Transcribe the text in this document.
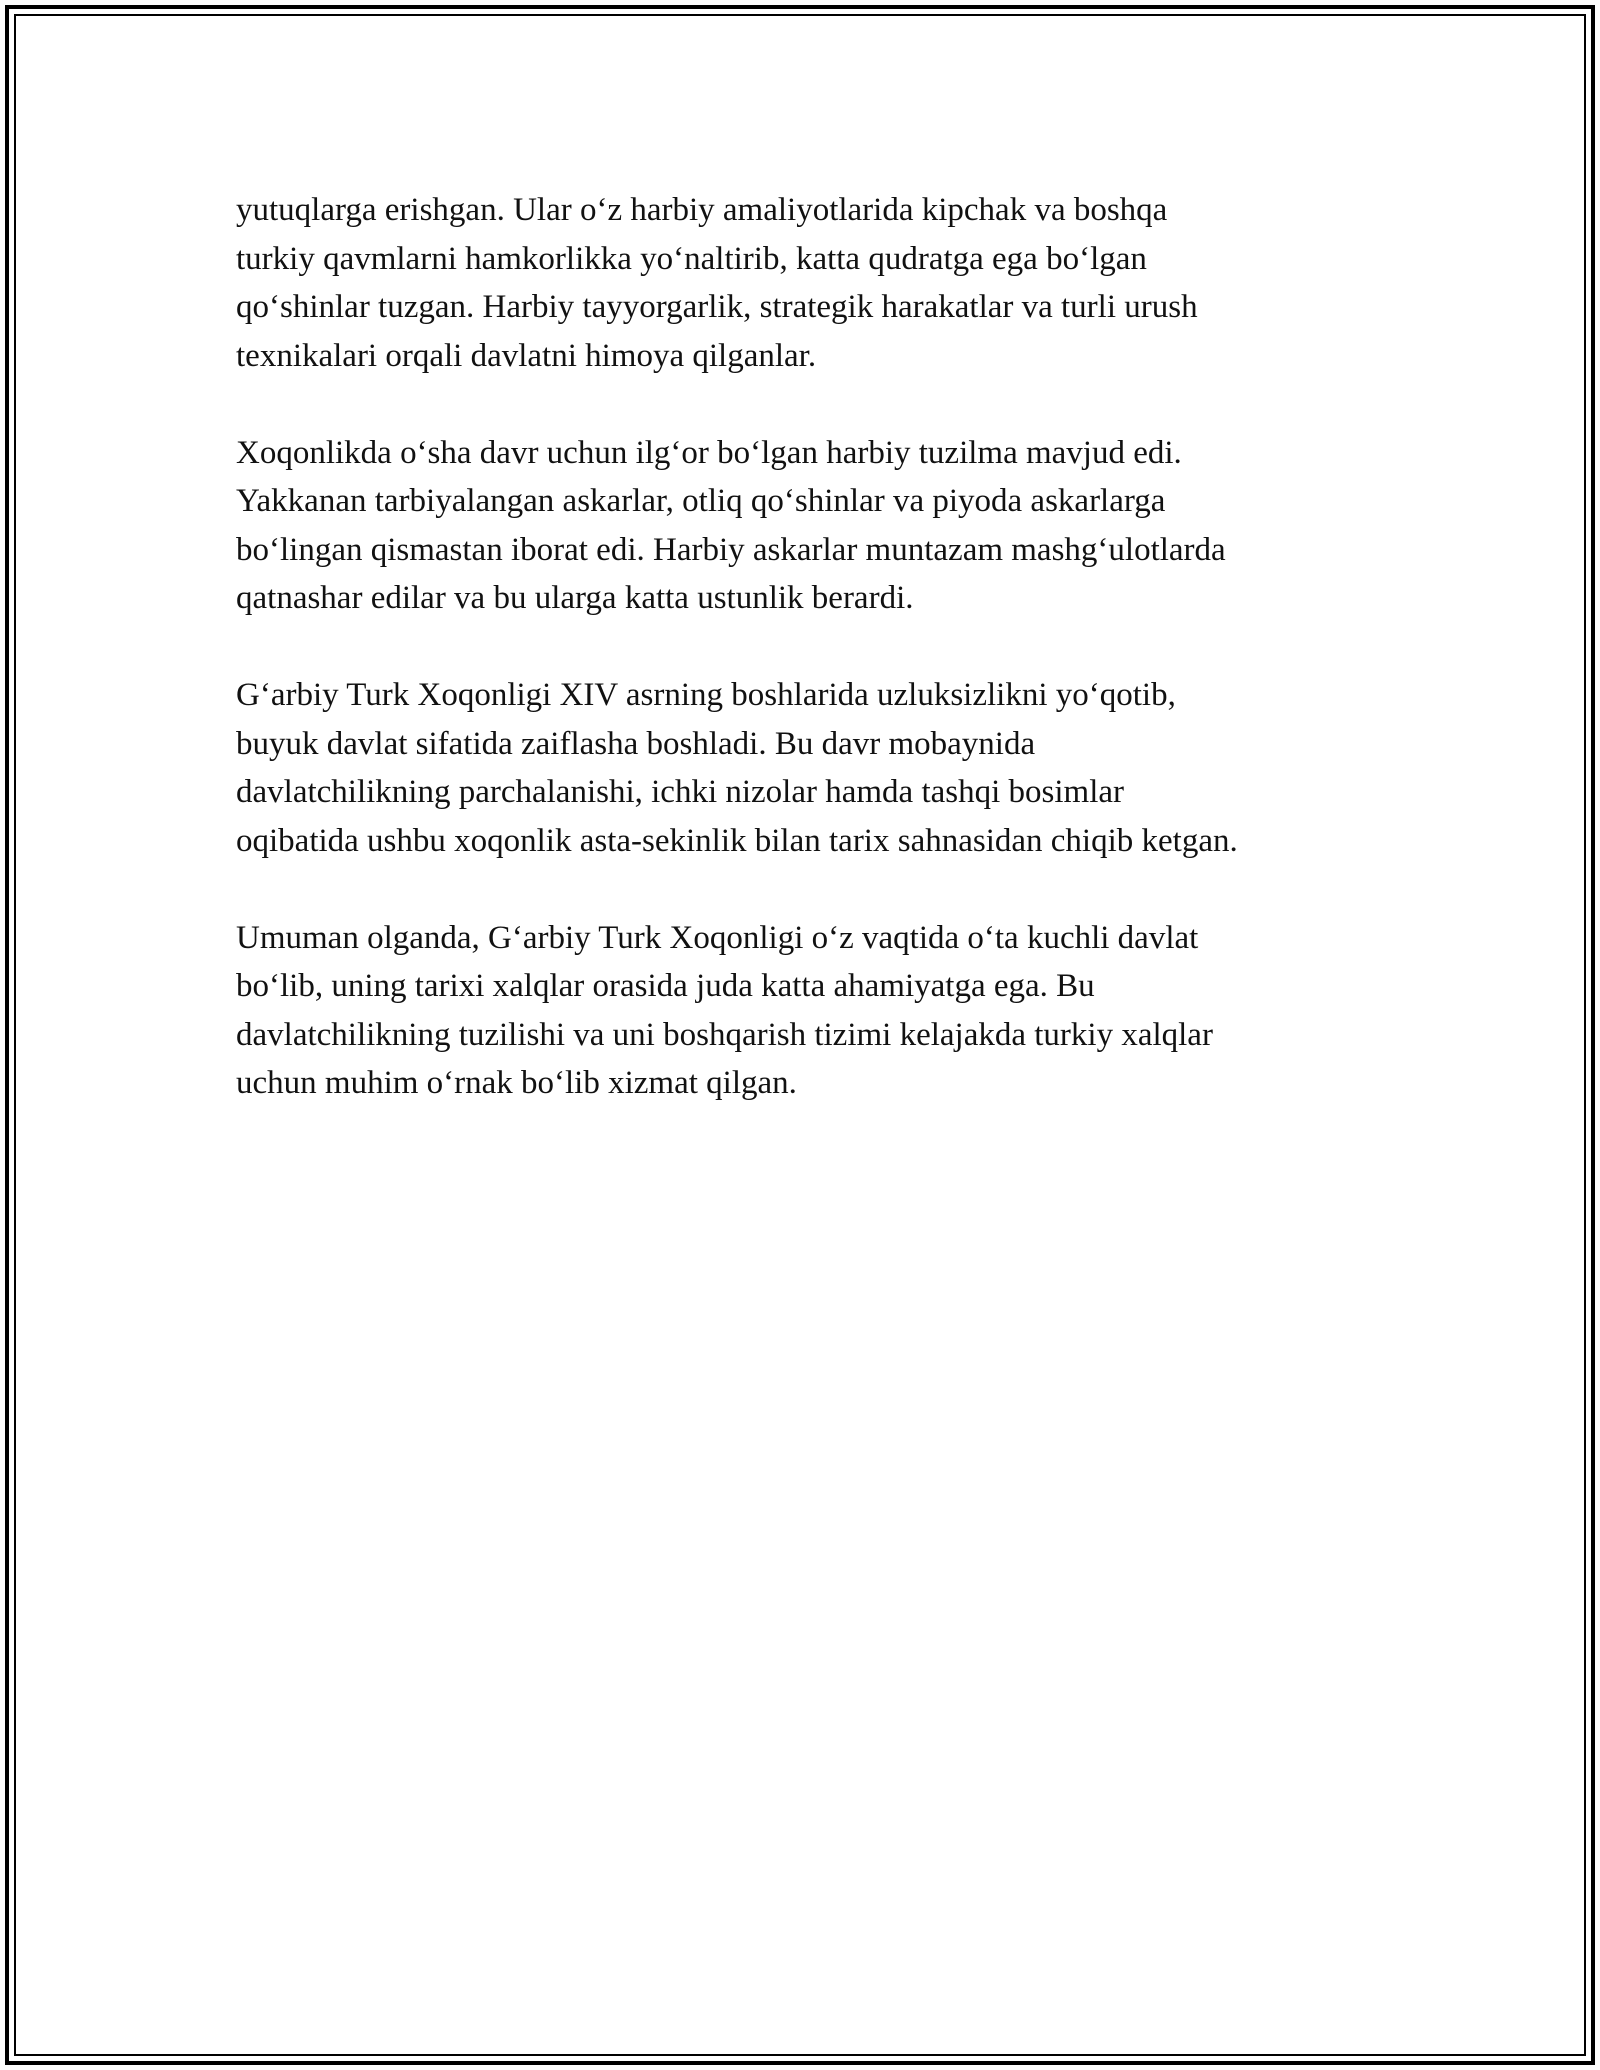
yutuqlarga erishgan. Ular oʻz harbiy amaliyotlarida kipchak va boshqa
turkiy qavmlarni hamkorlikka yoʻnaltirib, katta qudratga ega boʻlgan
qoʻshinlar tuzgan. Harbiy tayyorgarlik, strategik harakatlar va turli urush
texnikalari orqali davlatni himoya qilganlar.

Xoqonlikda oʻsha davr uchun ilgʻor boʻlgan harbiy tuzilma mavjud edi.
Yakkanan tarbiyalangan askarlar, otliq qoʻshinlar va piyoda askarlarga
boʻlingan qismastan iborat edi. Harbiy askarlar muntazam mashgʻulotlarda
qatnashar edilar va bu ularga katta ustunlik berardi.

Gʻarbiy Turk Xoqonligi XIV asrning boshlarida uzluksizlikni yoʻqotib,
buyuk davlat sifatida zaiflasha boshladi. Bu davr mobaynida
davlatchilikning parchalanishi, ichki nizolar hamda tashqi bosimlar
oqibatida ushbu xoqonlik asta-sekinlik bilan tarix sahnasidan chiqib ketgan.

Umuman olganda, Gʻarbiy Turk Xoqonligi oʻz vaqtida oʻta kuchli davlat
boʻlib, uning tarixi xalqlar orasida juda katta ahamiyatga ega. Bu
davlatchilikning tuzilishi va uni boshqarish tizimi kelajakda turkiy xalqlar
uchun muhim oʻrnak boʻlib xizmat qilgan.
